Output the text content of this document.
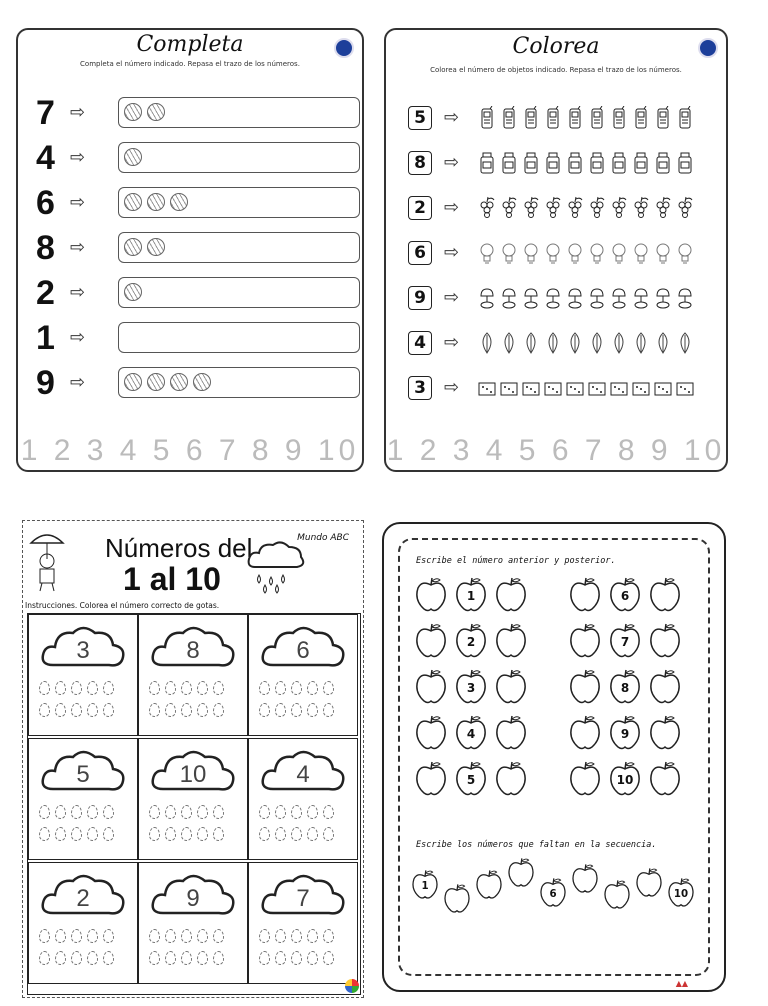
Completa
Completa el número indicado. Repasa el trazo de los números.
7 ⇨
4 ⇨
6 ⇨
8 ⇨
2 ⇨
1 ⇨
9 ⇨
1 2 3 4 5 6 7 8 9 10
Colorea
Colorea el número de objetos indicado. Repasa el trazo de los números.
5	⇨
8	⇨
2	⇨
6	⇨
9	⇨
4	⇨
3	⇨
1 2 3 4 5 6 7 8 9 10
Números del
1 al 10
Mundo ABC
Instrucciones. Colorea el número correcto de gotas.
3	8	6
5	10	4
2	9	7
Escribe el número anterior y posterior.
1	6
2	7
3	8
4	9
5	10
Escribe los números que faltan en la secuencia.
1
6	10
▲▲
